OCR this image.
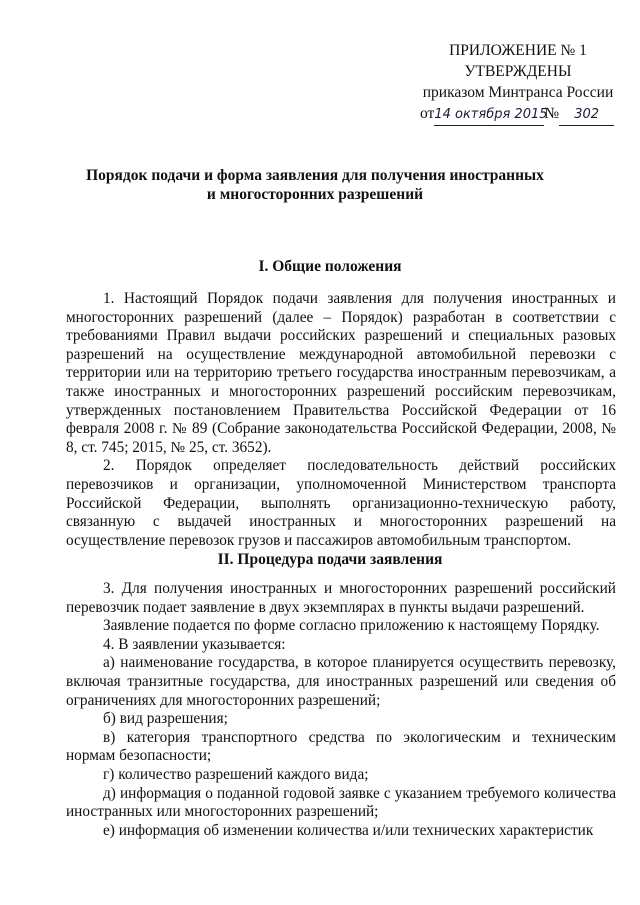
ПРИЛОЖЕНИЕ № 1
УТВЕРЖДЕНЫ
приказом Минтранса России
от14 октября 2015№ 302
Порядок подачи и форма заявления для получения иностранных
и многосторонних разрешений
I. Общие положения

1. Настоящий Порядок подачи заявления для получения иностранных и многосторонних разрешений (далее – Порядок) разработан в соответствии с требованиями Правил выдачи российских разрешений и специальных разовых разрешений на осуществление международной автомобильной перевозки с территории или на территорию третьего государства иностранным перевозчикам, а также иностранных и многосторонних разрешений российским перевозчикам, утвержденных постановлением Правительства Российской Федерации от 16 февраля 2008 г. № 89 (Собрание законодательства Российской Федерации, 2008, № 8, ст. 745; 2015, № 25, ст. 3652).

2. Порядок определяет последовательность действий российских перевозчиков и организации, уполномоченной Министерством транспорта Российской Федерации, выполнять организационно-техническую работу, связанную с выдачей иностранных и многосторонних разрешений на осуществление перевозок грузов и пассажиров автомобильным транспортом.

II. Процедура подачи заявления

3. Для получения иностранных и многосторонних разрешений российский перевозчик подает заявление в двух экземплярах в пункты выдачи разрешений.

Заявление подается по форме согласно приложению к настоящему Порядку.

4. В заявлении указывается:

а) наименование государства, в которое планируется осуществить перевозку, включая транзитные государства, для иностранных разрешений или сведения об ограничениях для многосторонних разрешений;

б) вид разрешения;

в) категория транспортного средства по экологическим и техническим нормам безопасности;

г) количество разрешений каждого вида;

д) информация о поданной годовой заявке с указанием требуемого количества иностранных или многосторонних разрешений;

е) информация об изменении количества и/или технических характеристик
